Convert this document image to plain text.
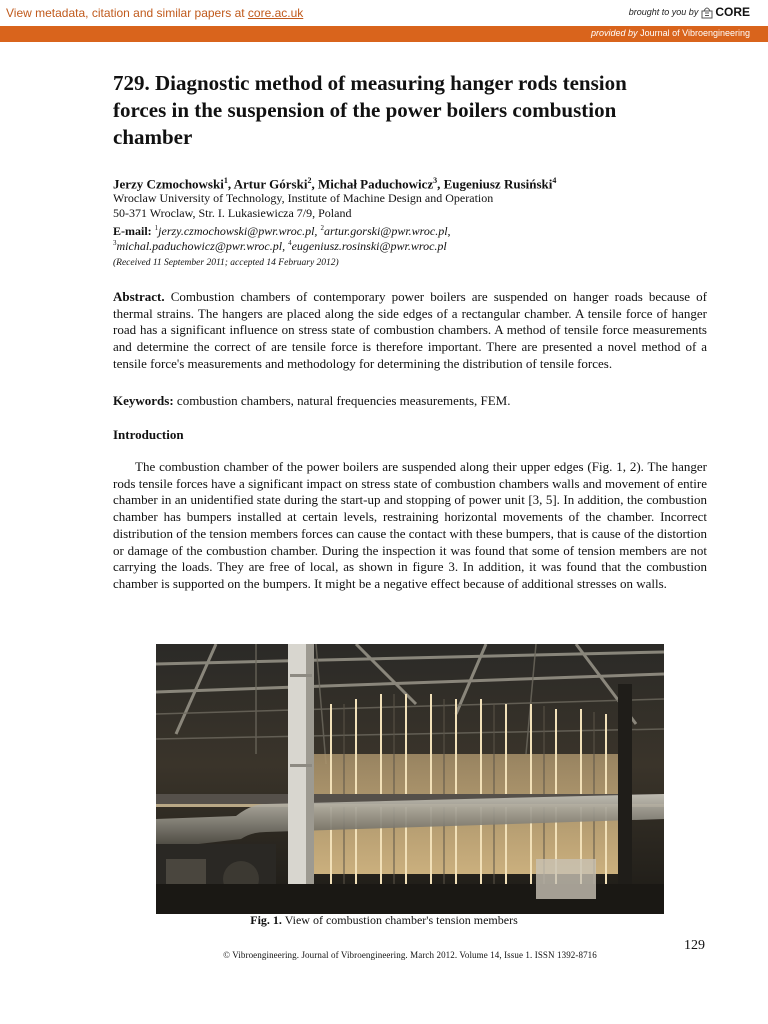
View metadata, citation and similar papers at core.ac.uk	brought to you by CORE
provided by Journal of Vibroengineering
729. Diagnostic method of measuring hanger rods tension forces in the suspension of the power boilers combustion chamber
Jerzy Czmochowski$^1$, Artur Górski$^2$, Michał Paduchowicz$^3$, Eugeniusz Rusiński$^4$
Wroclaw University of Technology, Institute of Machine Design and Operation
50-371 Wroclaw, Str. I. Lukasiewicza 7/9, Poland
E-mail: $^1$jerzy.czmochowski@pwr.wroc.pl, $^2$artur.gorski@pwr.wroc.pl,
$^3$michal.paduchowicz@pwr.wroc.pl, $^4$eugeniusz.rosinski@pwr.wroc.pl
(Received 11 September 2011; accepted 14 February 2012)

Abstract. Combustion chambers of contemporary power boilers are suspended on hanger roads because of thermal strains. The hangers are placed along the side edges of a rectangular chamber. A tensile force of hanger road has a significant influence on stress state of combustion chambers. A method of tensile force measurements and determine the correct of are tensile force is therefore important. There are presented a novel method of a tensile force's measurements and methodology for determining the distribution of tensile forces.

Keywords: combustion chambers, natural frequencies measurements, FEM.

Introduction

The combustion chamber of the power boilers are suspended along their upper edges (Fig. 1, 2). The hanger rods tensile forces have a significant impact on stress state of combustion chambers walls and movement of entire chamber in an unidentified state during the start-up and stopping of power unit [3, 5]. In addition, the combustion chamber has bumpers installed at certain levels, restraining horizontal movements of the chamber. Incorrect distribution of the tension members forces can cause the contact with these bumpers, that is cause of the distortion or damage of the combustion chamber. During the inspection it was found that some of tension members are not carrying the loads. They are free of local, as shown in figure 3. In addition, it was found that the combustion chamber is supported on the bumpers. It might be a negative effect because of additional stresses on walls.

Fig. 1. View of combustion chamber's tension members
129
© Vibroengineering. Journal of Vibroengineering. March 2012. Volume 14, Issue 1. ISSN 1392-8716
